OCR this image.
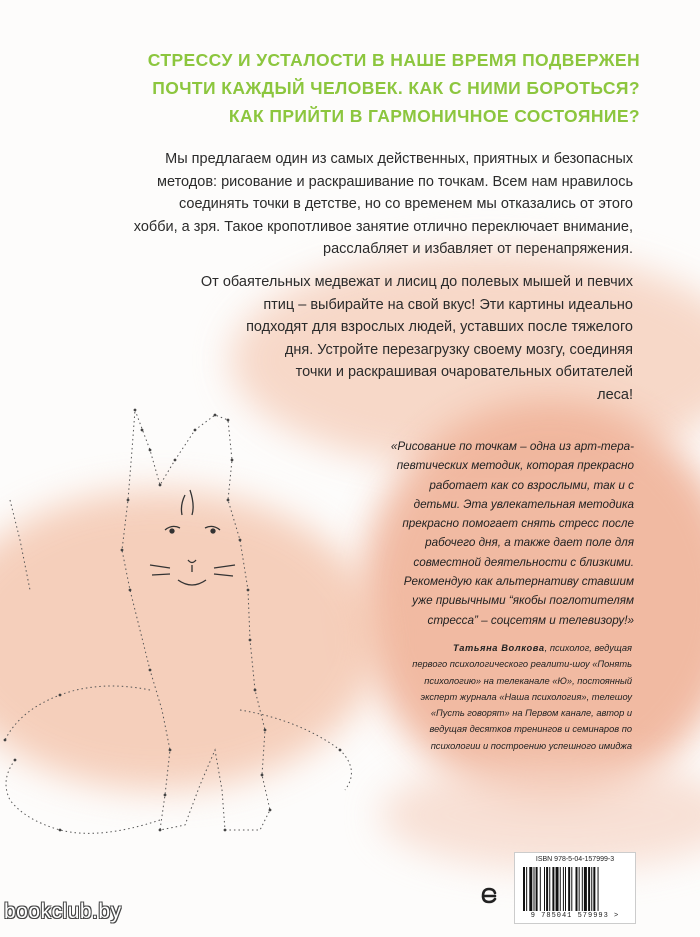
СТРЕССУ И УСТАЛОСТИ В НАШЕ ВРЕМЯ ПОДВЕРЖЕН
ПОЧТИ КАЖДЫЙ ЧЕЛОВЕК. КАК С НИМИ БОРОТЬСЯ?
КАК ПРИЙТИ В ГАРМОНИЧНОЕ СОСТОЯНИЕ?

Мы предлагаем один из самых действенных, приятных и безопасных
методов: рисование и раскрашивание по точкам. Всем нам нравилось
соединять точки в детстве, но со временем мы отказались от этого
хобби, а зря. Такое кропотливое занятие отлично переключает внимание,
расслабляет и избавляет от перенапряжения.

От обаятельных медвежат и лисиц до полевых мышей и певчих
птиц – выбирайте на свой вкус! Эти картины идеально
подходят для взрослых людей, уставших после тяжелого
дня. Устройте перезагрузку своему мозгу, соединяя
точки и раскрашивая очаровательных обитателей
леса!

«Рисование по точкам – одна из арт-тера-
певтических методик, которая прекрасно
работает как со взрослыми, так и с
детьми. Эта увлекательная методика
прекрасно помогает снять стресс после
рабочего дня, а также дает поле для
совместной деятельности с близкими.
Рекомендую как альтернативу ставшим
уже привычными “якобы поглотителям
стресса” – соцсетям и телевизору!»

Татьяна Волкова, психолог, ведущая
первого психологического реалити-шоу «Понять
психологию» на телеканале «Ю», постоянный
эксперт журнала «Наша психология», телешоу
«Пусть говорят» на Первом канале, автор и
ведущая десятков тренингов и семинаров по
психологии и построению успешного имиджа

ISBN 978-5-04-157999-3
9 785041 579993 >
bookclub.by
